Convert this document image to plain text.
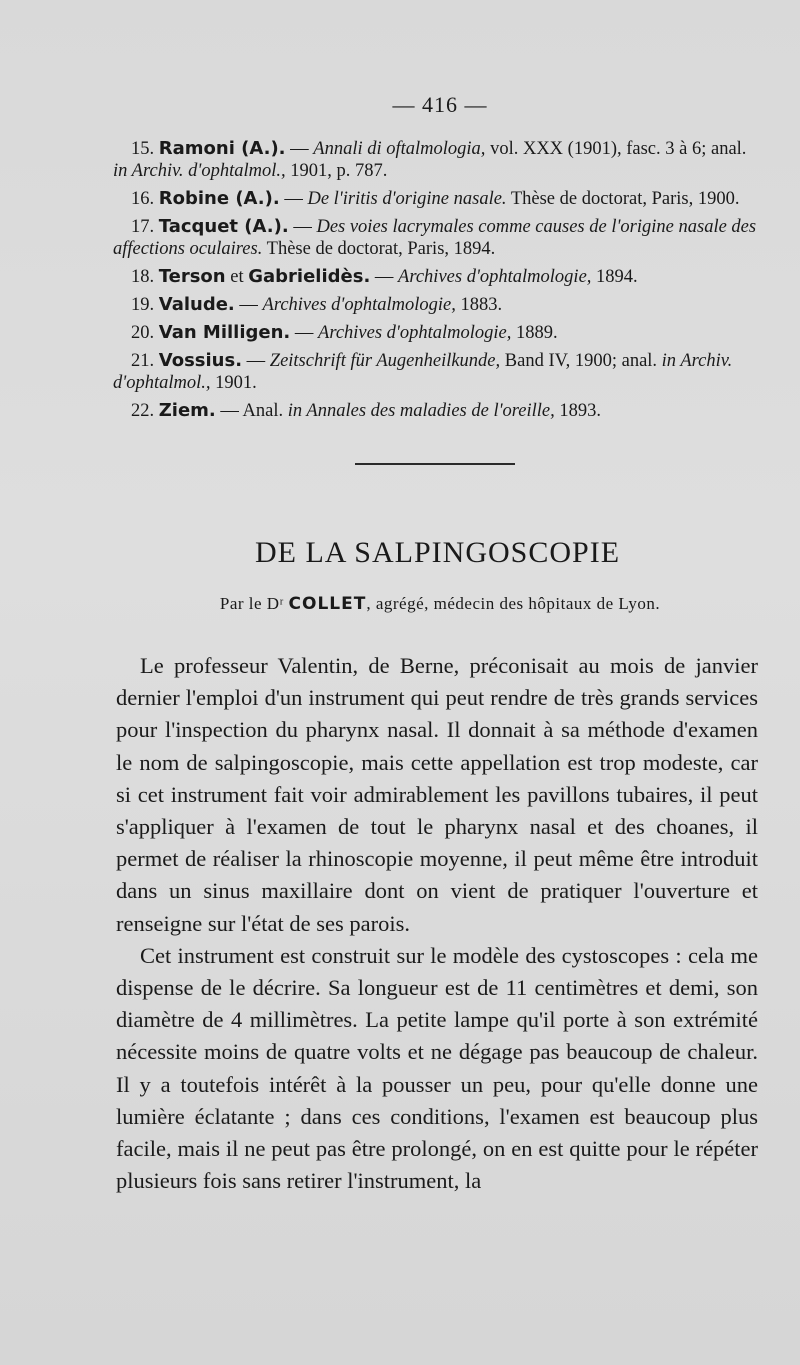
— 416 —

15. Ramoni (A.). — Annali di oftalmologia, vol. XXX (1901), fasc. 3 à 6; anal. in Archiv. d'ophtalmol., 1901, p. 787.

16. Robine (A.). — De l'iritis d'origine nasale. Thèse de doctorat, Paris, 1900.

17. Tacquet (A.). — Des voies lacrymales comme causes de l'origine nasale des affections oculaires. Thèse de doctorat, Paris, 1894.

18. Terson et Gabrielidès. — Archives d'ophtalmologie, 1894.

19. Valude. — Archives d'ophtalmologie, 1883.

20. Van Milligen. — Archives d'ophtalmologie, 1889.

21. Vossius. — Zeitschrift für Augenheilkunde, Band IV, 1900; anal. in Archiv. d'ophtalmol., 1901.

22. Ziem. — Anal. in Annales des maladies de l'oreille, 1893.

DE LA SALPINGOSCOPIE
Par le Dʳ COLLET, agrégé, médecin des hôpitaux de Lyon.

Le professeur Valentin, de Berne, préconisait au mois de janvier dernier l'emploi d'un instrument qui peut rendre de très grands services pour l'inspection du pharynx nasal. Il donnait à sa méthode d'examen le nom de salpingoscopie, mais cette appellation est trop modeste, car si cet instrument fait voir admirablement les pavillons tubaires, il peut s'appliquer à l'examen de tout le pharynx nasal et des choanes, il permet de réaliser la rhinoscopie moyenne, il peut même être introduit dans un sinus maxillaire dont on vient de pratiquer l'ouverture et renseigne sur l'état de ses parois.

Cet instrument est construit sur le modèle des cystoscopes : cela me dispense de le décrire. Sa longueur est de 11 centimètres et demi, son diamètre de 4 millimètres. La petite lampe qu'il porte à son extrémité nécessite moins de quatre volts et ne dégage pas beaucoup de chaleur. Il y a toutefois intérêt à la pousser un peu, pour qu'elle donne une lumière éclatante ; dans ces conditions, l'examen est beaucoup plus facile, mais il ne peut pas être prolongé, on en est quitte pour le répéter plusieurs fois sans retirer l'instrument, la
